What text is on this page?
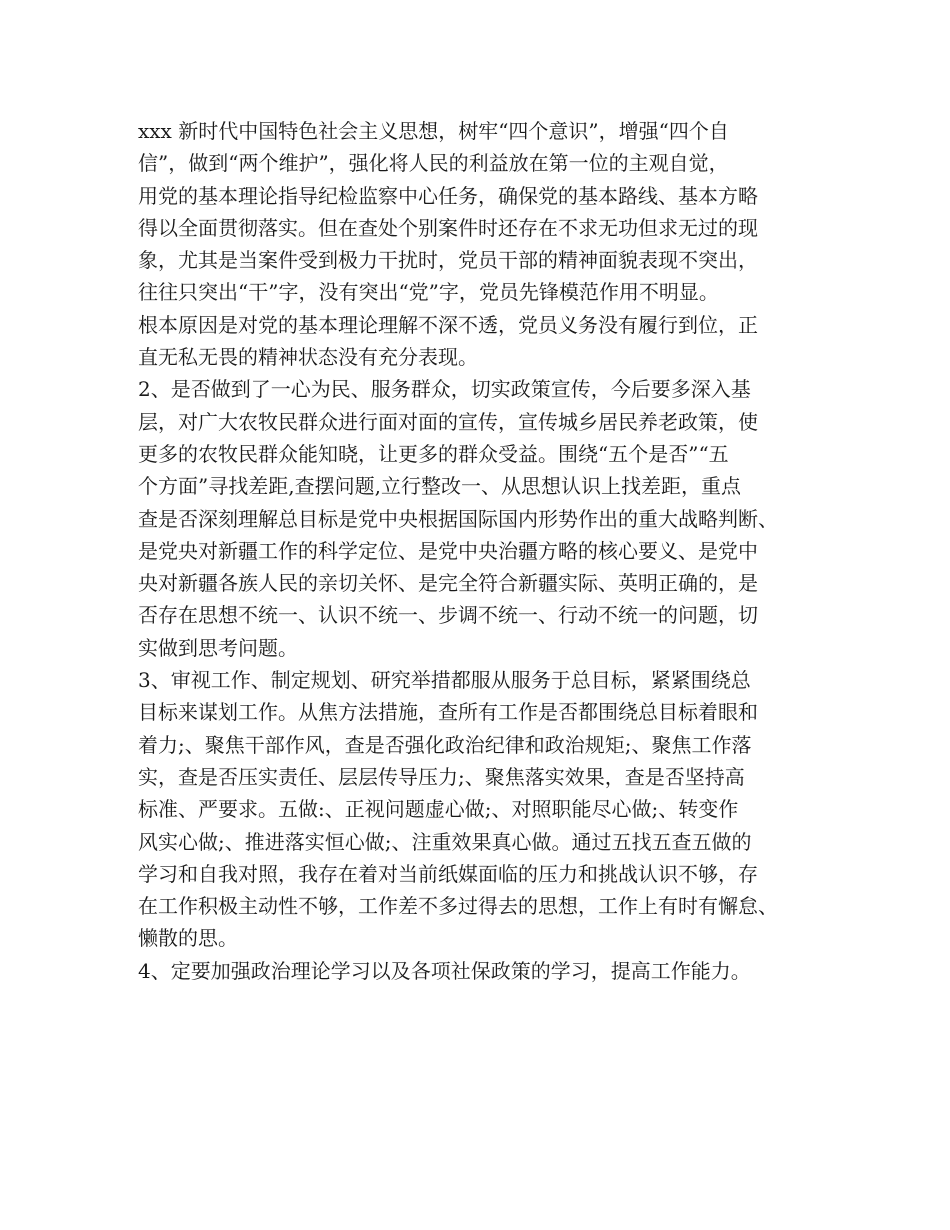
xxx 新时代中国特色社会主义思想，树牢“四个意识”，增强“四个自
信”，做到“两个维护”，强化将人民的利益放在第一位的主观自觉，
用党的基本理论指导纪检监察中心任务，确保党的基本路线、基本方略
得以全面贯彻落实。但在查处个别案件时还存在不求无功但求无过的现
象，尤其是当案件受到极力干扰时，党员干部的精神面貌表现不突出，
往往只突出“干”字，没有突出“党”字，党员先锋模范作用不明显。
根本原因是对党的基本理论理解不深不透，党员义务没有履行到位，正
直无私无畏的精神状态没有充分表现。
2、是否做到了一心为民、服务群众，切实政策宣传，今后要多深入基
层，对广大农牧民群众进行面对面的宣传，宣传城乡居民养老政策，使
更多的农牧民群众能知晓，让更多的群众受益。围绕“五个是否”“五
个方面”寻找差距,查摆问题,立行整改一、从思想认识上找差距，重点
查是否深刻理解总目标是党中央根据国际国内形势作出的重大战略判断、
是党央对新疆工作的科学定位、是党中央治疆方略的核心要义、是党中
央对新疆各族人民的亲切关怀、是完全符合新疆实际、英明正确的，是
否存在思想不统一、认识不统一、步调不统一、行动不统一的问题，切
实做到思考问题。
3、审视工作、制定规划、研究举措都服从服务于总目标，紧紧围绕总
目标来谋划工作。从焦方法措施，查所有工作是否都围绕总目标着眼和
着力;、聚焦干部作风，查是否强化政治纪律和政治规矩;、聚焦工作落
实，查是否压实责任、层层传导压力;、聚焦落实效果，查是否坚持高
标准、严要求。五做:、正视问题虚心做;、对照职能尽心做;、转变作
风实心做;、推进落实恒心做;、注重效果真心做。通过五找五查五做的
学习和自我对照，我存在着对当前纸媒面临的压力和挑战认识不够，存
在工作积极主动性不够，工作差不多过得去的思想，工作上有时有懈怠、
懒散的思。
4、定要加强政治理论学习以及各项社保政策的学习，提高工作能力。
